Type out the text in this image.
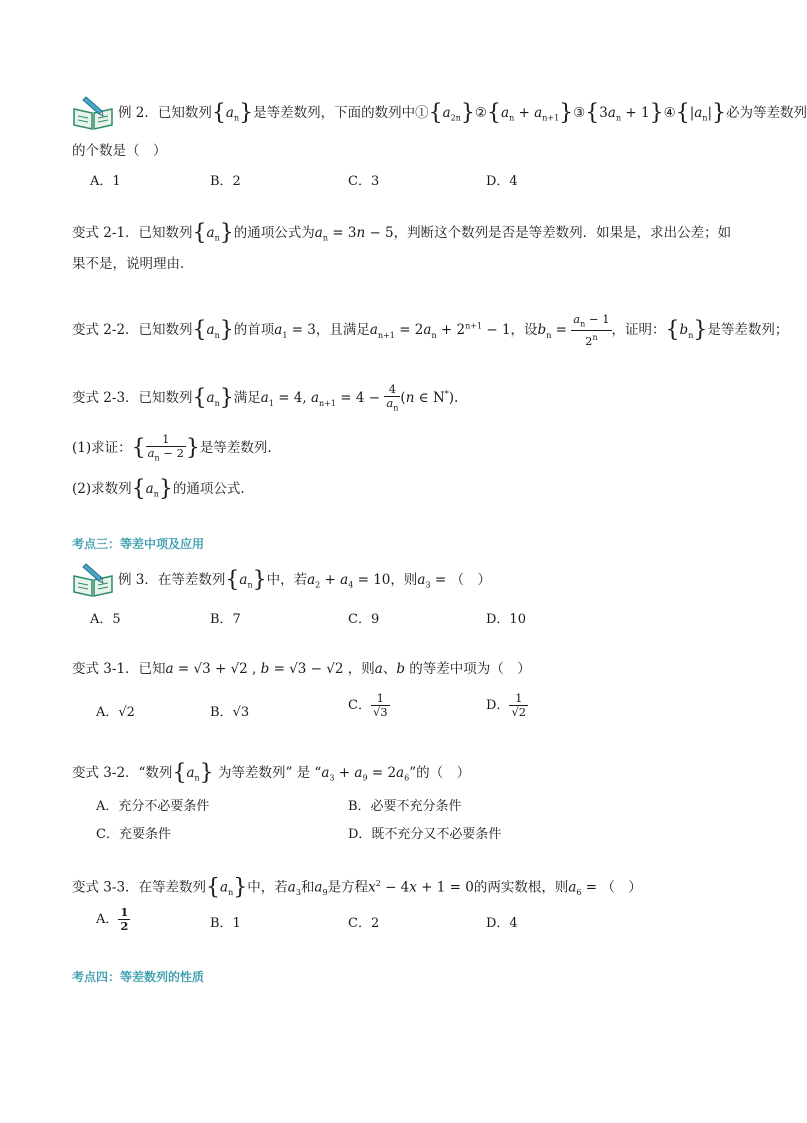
例 2．已知数列$\{a_n\}$是等差数列，下面的数列中$①\{a_{2n}\}②\{a_n$ + $a_{n+1}\}③\{3a_n$ + $1\}④\{|a_n|\}$必为等差数列
的个数是（　）
A．1	B．2	C．3	D．4
变式 2-1．已知数列$\{a_n\}$的通项公式为$a_n = 3n - 5$，判断这个数列是否是等差数列．如果是，求出公差；如
果不是，说明理由．
变式 2-2．已知数列$\{a_n\}$的首项$a_1 = 3$，且满足$a_{n+1} = 2a_n + 2^{n+1} - 1$，设$b_n = \frac{a_n - 1}{2^n}$ ，证明：$\{b_n\}$是等差数列；
变式 2-3．已知数列$\{a_n\}$满足$a_1 = 4$, $a_{n+1} = 4 - \frac{4}{a_n} (n$ ∈ N*).
(1)求证：{ $\frac{1}{a_n - 2}$ }是等差数列.
(2)求数列$\{a_n\}$的通项公式.
考点三：等差中项及应用
例 3．在等差数列$\{a_n\}$中，若$a_2 + a_4 = 10$，则$a_3$ = （　）
A．5	B．7	C．9	D．10
变式 3-1．已知a = √3 + √2 , b = √3 − √2 ，则a、b 的等差中项为（　）
A．√2	B．√3	C． $\frac{1}{√3}$	D． $\frac{1}{√2}$
变式 3-2．“数列$\{a_n\}$ 为等差数列” 是 “$a_3 + a_9 = 2a_6$”的（　）
A．充分不必要条件	B．必要不充分条件
C．充要条件	D．既不充分又不必要条件
变式 3-3．在等差数列$\{a_n\}$中，若$a_3$和$a_9$是方程$x^2 - 4x + 1 = 0$的两实数根，则$a_6$ = （　）
A． $\frac{1}{2}$	B．1	C．2	D．4
考点四：等差数列的性质
